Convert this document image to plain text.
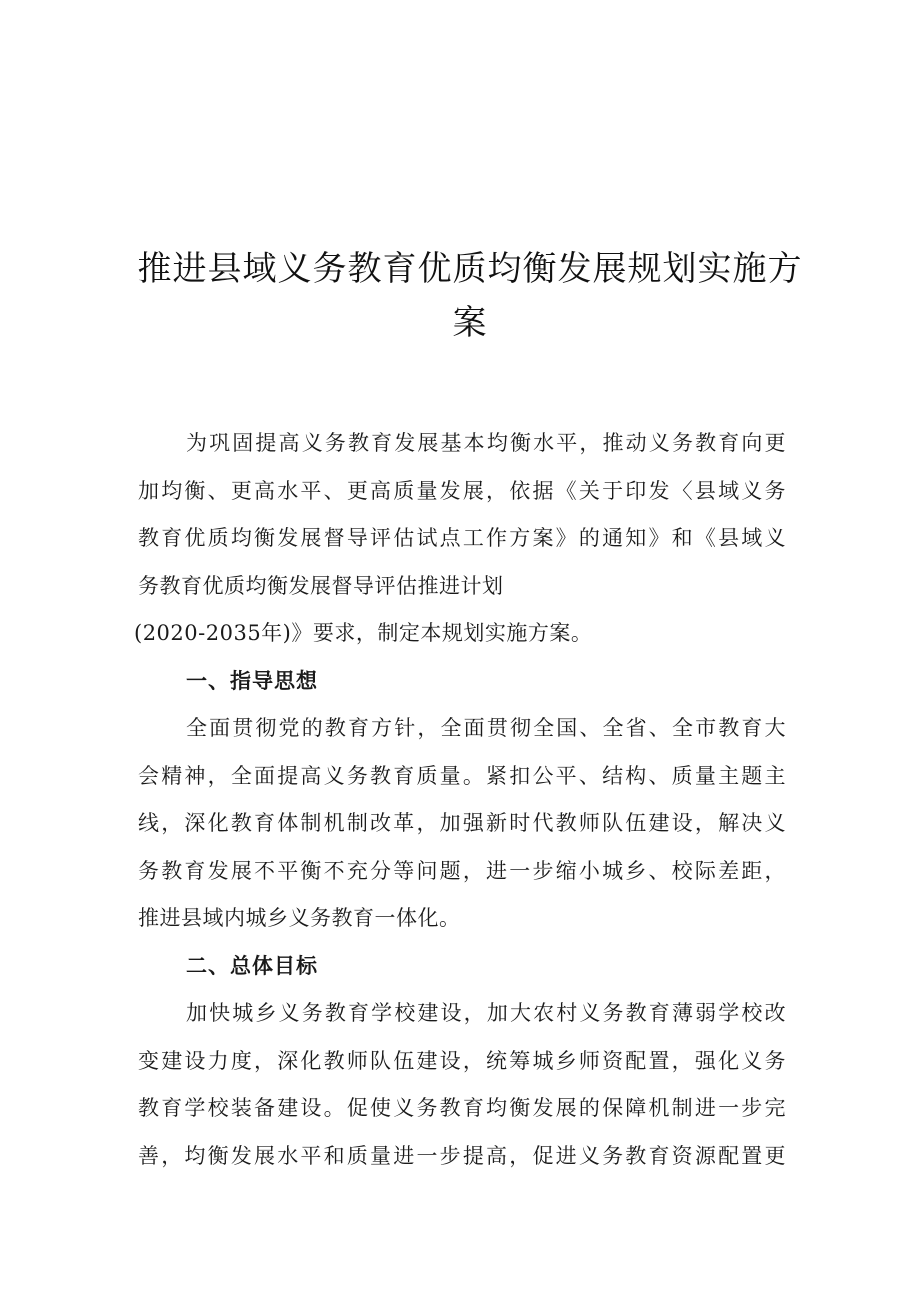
推进县域义务教育优质均衡发展规划实施方
案
为巩固提高义务教育发展基本均衡水平，推动义务教育向更
加均衡、更高水平、更高质量发展，依据《关于印发〈县域义务
教育优质均衡发展督导评估试点工作方案》的通知》和《县域义
务教育优质均衡发展督导评估推进计划
(2020-2035年)》要求，制定本规划实施方案。
一、指导思想
全面贯彻党的教育方针，全面贯彻全国、全省、全市教育大
会精神，全面提高义务教育质量。紧扣公平、结构、质量主题主
线，深化教育体制机制改革，加强新时代教师队伍建设，解决义
务教育发展不平衡不充分等问题，进一步缩小城乡、校际差距，
推进县域内城乡义务教育一体化。
二、总体目标
加快城乡义务教育学校建设，加大农村义务教育薄弱学校改
变建设力度，深化教师队伍建设，统筹城乡师资配置，强化义务
教育学校装备建设。促使义务教育均衡发展的保障机制进一步完
善，均衡发展水平和质量进一步提高，促进义务教育资源配置更
